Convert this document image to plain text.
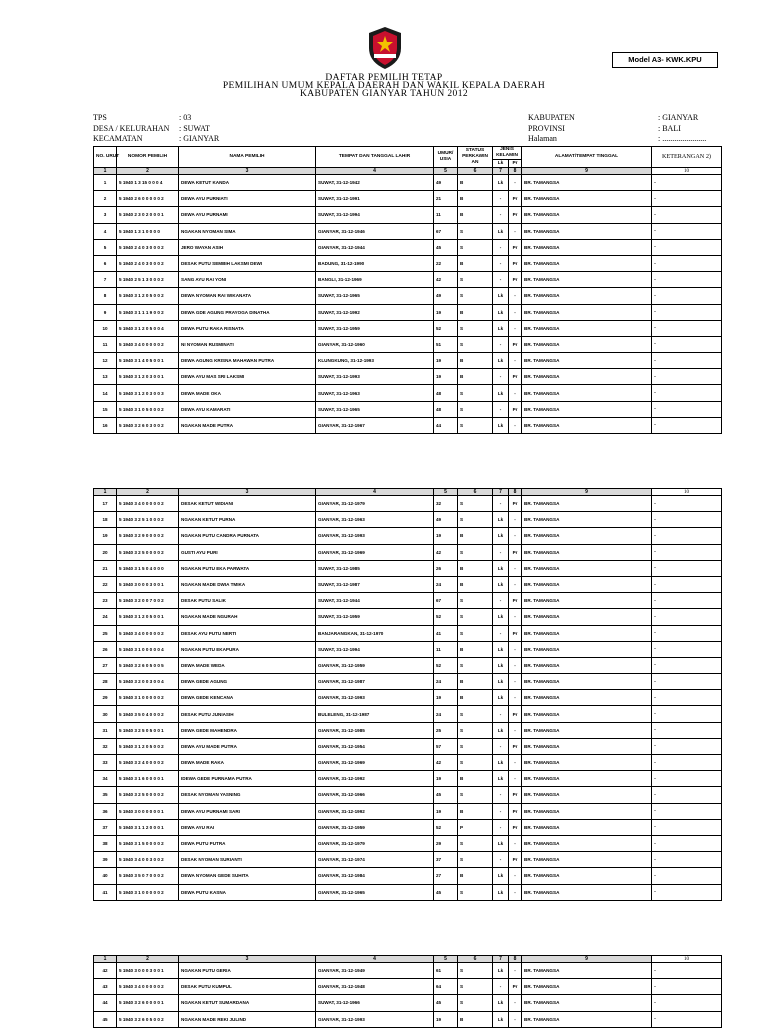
Model A3- KWK.KPU
DAFTAR PEMILIH TETAP
PEMILIHAN UMUM KEPALA DAERAH DAN WAKIL KEPALA DAERAH
KABUPATEN GIANYAR TAHUN 2012
TPS	: 03
DESA / KELURAHAN	: SUWAT
KECAMATAN	: GIANYAR
KABUPATEN	: GIANYAR
PROVINSI	: BALI
Halaman	: ......................
NO. URUT	NOMOR PEMILIH	NAMA PEMILIH	TEMPAT DAN TANGGAL LAHIR	UMUR/ USIA	STATUS PERKAWIN AN	JENIS KELAMIN		ALAMAT/TEMPAT TINGGAL	KETERANGAN 2)
						Lk	Pr		
1	2	3	4	5	6	7	8	9	10
1	5 1940 1 3 15 0 0 0 4	DEWA KETUT KANDA	SUWAT, 31-12-1942	49	B	Lk	-	BR. TAMANGSA	-
2	5 1940 2 6 0 0 0 0 0 2	DEWA AYU PURNIATI	SUWAT, 31-12-1991	21	B	-	Pr	BR. TAMANGSA	-
3	5 1940 2 3 0 2 0 0 0 1	DEWA AYU PURNAMI	SUWAT, 31-12-1994	11	B	-	Pr	BR. TAMANGSA	-
4	5 1940 1 3 1 0 0 0 0	NGAKAN NYOMAN SIMA	GIANYAR, 31-12-1946	67	S	Lk	-	BR. TAMANGSA	-
5	5 1940 2 4 0 3 0 0 0 2	JERO WAYAN ASIH	GIANYAR, 31-12-1944	45	S	-	Pr	BR. TAMANGSA	-
6	5 1940 2 4 0 3 0 0 0 2	DESAK PUTU SEMBIH LAKSMI DEWI	BADUNG, 31-12-1990	22	B	-	Pr	BR. TAMANGSA	-
7	5 1940 2 5 1 3 0 0 0 2	SANG AYU RAI YONI	BANGLI, 31-12-1969	42	S	-	Pr	BR. TAMANGSA	-
8	5 1940 3 1 2 0 5 0 0 2	DEWA NYOMAN RAI WIKANATA	SUWAT, 31-12-1965	49	S	Lk	-	BR. TAMANGSA	-
9	5 1940 3 1 1 1 9 0 0 2	DEWA GDE AGUNG PRAYOGA DINATHA	SUWAT, 31-12-1992	19	B	Lk	-	BR. TAMANGSA	-
10	5 1940 3 1 2 0 5 0 0 4	DEWA PUTU RAKA RISNATA	SUWAT, 31-12-1959	52	S	Lk	-	BR. TAMANGSA	-
11	5 1940 3 4 0 0 0 0 0 2	NI NYOMAN RUSMINATI	GIANYAR, 31-12-1960	51	S	-	Pr	BR. TAMANGSA	-
12	5 1940 3 1 4 0 5 0 0 1	DEWA AGUNG KRISNA MAHAWAN PUTRA	KLUNGKUNG, 31-12-1993	19	B	Lk	-	BR. TAMANGSA	-
13	5 1940 3 1 2 0 3 0 0 1	DEWA AYU MAS SRI LAKSMI	SUWAT, 31-12-1993	19	B	-	Pr	BR. TAMANGSA	-
14	5 1940 3 1 2 0 3 0 0 3	DEWA MADE OKA	SUWAT, 31-12-1963	48	S	Lk	-	BR. TAMANGSA	-
15	5 1940 3 1 0 5 0 0 0 2	DEWA AYU KAMARATI	SUWAT, 31-12-1965	48	S	-	Pr	BR. TAMANGSA	-
16	5 1940 3 2 6 0 3 0 0 2	NGAKAN MADE PUTRA	GIANYAR, 31-12-1967	44	S	Lk	-	BR. TAMANGSA	-
1	2	3	4	5	6	7	8	9	10
17	5 1940 3 4 0 0 0 0 0 2	DESAK KETUT WIDIANI	GIANYAR, 31-12-1979	32	S	-	Pr	BR. TAMANGSA	-
18	5 1940 3 2 5 1 0 0 0 2	NGAKAN KETUT PURNA	GIANYAR, 31-12-1963	49	S	Lk	-	BR. TAMANGSA	-
19	5 1940 3 2 9 0 0 0 0 2	NGAKAN PUTU CANDRA PURNATA	GIANYAR, 31-12-1993	19	B	Lk	-	BR. TAMANGSA	-
20	5 1940 3 2 5 0 0 0 0 2	GUSTI AYU PURI	GIANYAR, 31-12-1969	42	S	-	Pr	BR. TAMANGSA	-
21	5 1940 3 1 5 0 4 0 0 0	NGAKAN PUTU EKA PARWATA	SUWAT, 31-12-1985	26	B	Lk	-	BR. TAMANGSA	-
22	5 1940 3 0 0 0 3 0 0 1	NGAKAN MADE DWIA TMIKA	SUWAT, 31-12-1987	24	B	Lk	-	BR. TAMANGSA	-
23	5 1940 3 2 0 0 7 0 0 2	DESAK PUTU SALIK	SUWAT, 31-12-1944	67	S	-	Pr	BR. TAMANGSA	-
24	5 1940 3 1 2 0 5 0 0 1	NGAKAN MADE NGURAH	SUWAT, 31-12-1959	52	S	Lk	-	BR. TAMANGSA	-
25	5 1940 3 4 0 0 0 0 0 2	DESAK AYU PUTU NERTI	BANJARANGKAN, 31-12-1970	41	S	-	Pr	BR. TAMANGSA	-
26	5 1940 3 1 0 0 0 0 0 4	NGAKAN PUTU EKAPURA	SUWAT, 31-12-1994	11	B	Lk	-	BR. TAMANGSA	-
27	5 1940 3 2 6 0 5 0 0 5	DEWA MADE WEDA	GIANYAR, 31-12-1959	52	S	Lk	-	BR. TAMANGSA	-
28	5 1940 3 2 0 0 3 0 0 4	DEWA GEDE AGUNG	GIANYAR, 31-12-1987	24	B	Lk	-	BR. TAMANGSA	-
29	5 1940 3 1 0 0 0 0 0 2	DEWA GEDE KENCANA	GIANYAR, 31-12-1993	19	B	Lk	-	BR. TAMANGSA	-
30	5 1940 3 5 0 4 0 0 0 2	DESAK PUTU JUNIASIH	BULELENG, 31-12-1987	24	S	-	Pr	BR. TAMANGSA	-
31	5 1940 3 2 5 0 5 0 0 1	DEWA GEDE MAHENDRA	GIANYAR, 31-12-1985	25	S	Lk	-	BR. TAMANGSA	-
32	5 1940 3 1 2 0 5 0 0 2	DEWA AYU MADE PUTRA	GIANYAR, 31-12-1954	57	S	-	Pr	BR. TAMANGSA	-
33	5 1940 3 2 4 0 0 0 0 2	DEWA MADE RAKA	GIANYAR, 31-12-1969	42	S	Lk	-	BR. TAMANGSA	-
34	5 1940 3 1 6 0 0 0 0 1	IDEWA GEDE PURNAMA PUTRA	GIANYAR, 31-12-1992	19	B	Lk	-	BR. TAMANGSA	-
35	5 1940 3 2 5 0 0 0 0 2	DESAK NYOMAN YASNING	GIANYAR, 31-12-1966	45	S	-	Pr	BR. TAMANGSA	-
36	5 1940 3 0 0 0 0 0 0 1	DEWA AYU PURNAMI SARI	GIANYAR, 31-12-1992	19	B	-	Pr	BR. TAMANGSA	-
37	5 1940 3 1 1 2 0 0 0 1	DEWA AYU RAI	GIANYAR, 31-12-1959	52	P	-	Pr	BR. TAMANGSA	-
38	5 1940 3 1 5 0 0 0 0 2	DEWA PUTU PUTRA	GIANYAR, 31-12-1979	29	S	Lk	-	BR. TAMANGSA	-
39	5 1940 3 4 0 0 3 0 0 2	DESAK NYOMAN SURIANTI	GIANYAR, 31-12-1974	37	S	-	Pr	BR. TAMANGSA	-
40	5 1940 3 5 0 7 0 0 0 2	DEWA NYOMAN GEDE SUHITA	GIANYAR, 31-12-1984	27	B	Lk	-	BR. TAMANGSA	-
41	5 1940 3 1 0 0 0 0 0 2	DEWA PUTU KASNA	GIANYAR, 31-12-1965	45	S	Lk	-	BR. TAMANGSA	-
1	2	3	4	5	6	7	8	9	10
42	5 1940 3 0 0 0 3 0 0 1	NGAKAN PUTU GERIA	GIANYAR, 31-12-1949	61	S	Lk	-	BR. TAMANGSA	-
43	5 1940 3 4 0 0 0 0 0 2	DESAK PUTU KUMPUL	GIANYAR, 31-12-1948	64	S	-	Pr	BR. TAMANGSA	-
44	5 1940 3 2 6 0 0 0 0 1	NGAKAN KETUT SUMARDANA	SUWAT, 31-12-1966	45	S	Lk	-	BR. TAMANGSA	-
45	5 1940 3 2 6 0 5 0 0 2	NGAKAN MADE REKI JULIND	GIANYAR, 31-12-1993	19	B	Lk	-	BR. TAMANGSA	-
